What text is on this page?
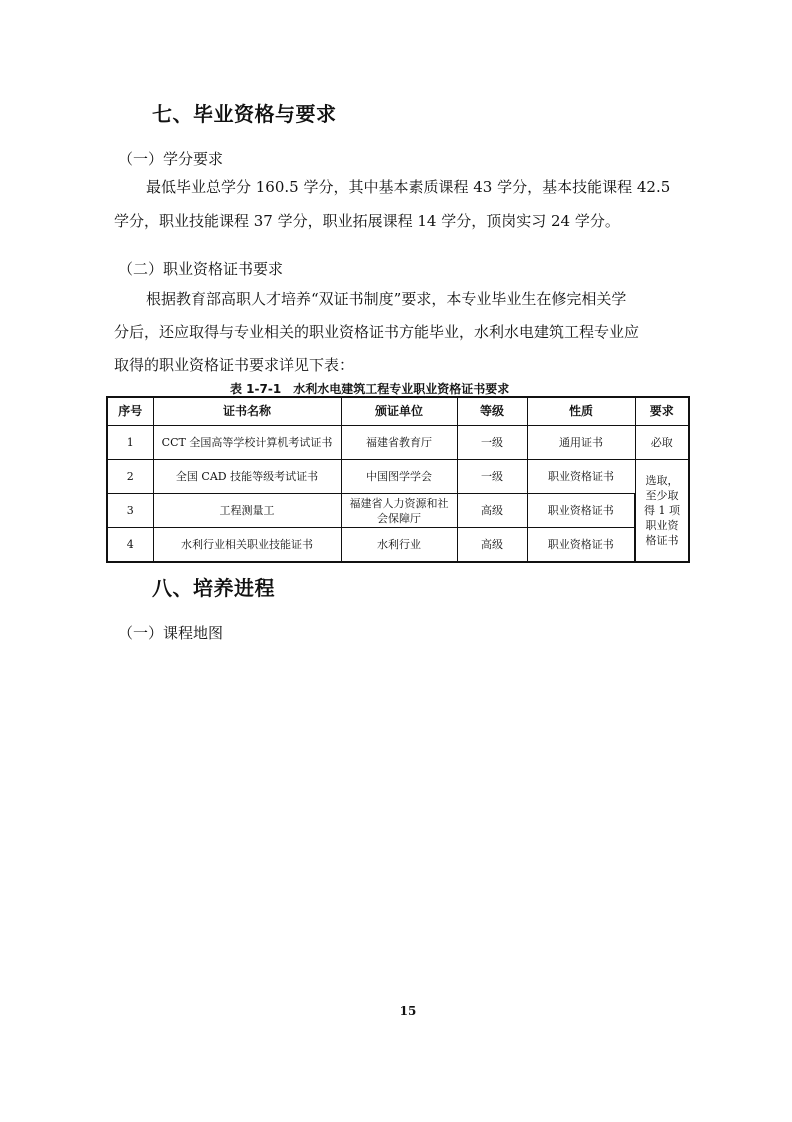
七、毕业资格与要求
（一）学分要求
最低毕业总学分 160.5 学分，其中基本素质课程 43 学分，基本技能课程 42.5
学分，职业技能课程 37 学分，职业拓展课程 14 学分，顶岗实习 24 学分。
（二）职业资格证书要求
根据教育部高职人才培养“双证书制度”要求，本专业毕业生在修完相关学
分后，还应取得与专业相关的职业资格证书方能毕业，水利水电建筑工程专业应
取得的职业资格证书要求详见下表：
表 1-7-1　水利水电建筑工程专业职业资格证书要求
序号	证书名称	颁证单位	等级	性质	要求
1	CCT 全国高等学校计算机考试证书	福建省教育厅	一级	通用证书	必取
2	全国 CAD 技能等级考试证书	中国图学学会	一级	职业资格证书	选取，至少取得 1 项职业资格证书
3	工程测量工	福建省人力资源和社会保障厅	高级	职业资格证书	
4	水利行业相关职业技能证书	水利行业	高级	职业资格证书	
八、培养进程
（一）课程地图
15
